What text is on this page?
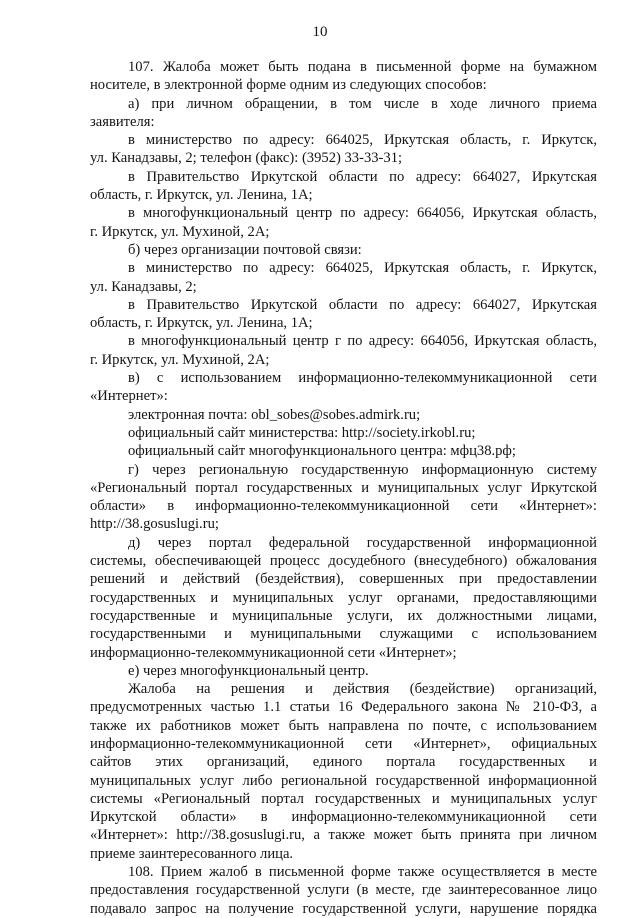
10
107. Жалоба может быть подана в письменной форме на бумажном
носителе, в электронной форме одним из следующих способов:
а) при личном обращении, в том числе в ходе личного приема
заявителя:
в министерство по адресу: 664025, Иркутская область, г. Иркутск,
ул. Канадзавы, 2; телефон (факс): (3952) 33-33-31;
в Правительство Иркутской области по адресу: 664027, Иркутская
область, г. Иркутск, ул. Ленина, 1А;
в многофункциональный центр по адресу: 664056, Иркутская область,
г. Иркутск, ул. Мухиной, 2А;
б) через организации почтовой связи:
в министерство по адресу: 664025, Иркутская область, г. Иркутск,
ул. Канадзавы, 2;
в Правительство Иркутской области по адресу: 664027, Иркутская
область, г. Иркутск, ул. Ленина, 1А;
в многофункциональный центр г по адресу: 664056, Иркутская область,
г. Иркутск, ул. Мухиной, 2А;
в) с использованием информационно-телекоммуникационной сети
«Интернет»:
электронная почта: obl_sobes@sobes.admirk.ru;
официальный сайт министерства: http://society.irkobl.ru;
официальный сайт многофункционального центра: мфц38.рф;
г) через региональную государственную информационную систему
«Региональный портал государственных и муниципальных услуг Иркутской
области» в информационно-телекоммуникационной сети «Интернет»:
http://38.gosuslugi.ru;
д) через портал федеральной государственной информационной
системы, обеспечивающей процесс досудебного (внесудебного) обжалования
решений и действий (бездействия), совершенных при предоставлении
государственных и муниципальных услуг органами, предоставляющими
государственные и муниципальные услуги, их должностными лицами,
государственными и муниципальными служащими с использованием
информационно-телекоммуникационной сети «Интернет»;
е) через многофункциональный центр.
Жалоба на решения и действия (бездействие) организаций,
предусмотренных частью 1.1 статьи 16 Федерального закона № 210-ФЗ, а
также их работников может быть направлена по почте, с использованием
информационно-телекоммуникационной сети «Интернет», официальных
сайтов этих организаций, единого портала государственных и
муниципальных услуг либо региональной государственной информационной
системы «Региональный портал государственных и муниципальных услуг
Иркутской области» в информационно-телекоммуникационной сети
«Интернет»: http://38.gosuslugi.ru, а также может быть принята при личном
приеме заинтересованного лица.
108. Прием жалоб в письменной форме также осуществляется в месте
предоставления государственной услуги (в месте, где заинтересованное лицо
подавало запрос на получение государственной услуги, нарушение порядка
